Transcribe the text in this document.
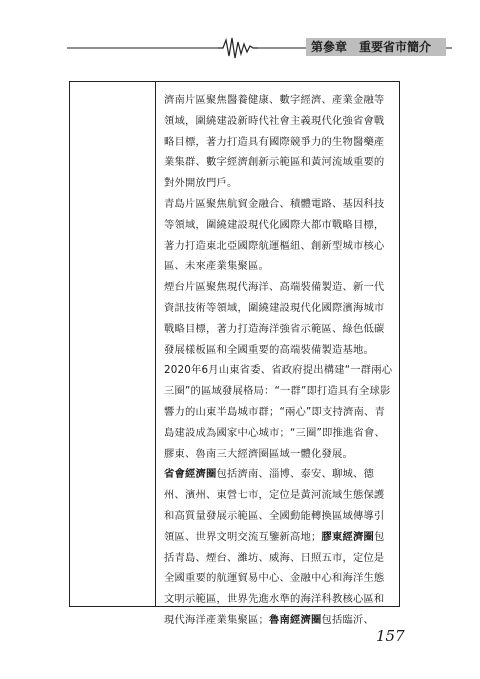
第參章　重要省市簡介

濟南片區聚焦醫養健康、數字經濟、產業金融等領域，圍繞建設新時代社會主義現代化強省會戰略目標，著力打造具有國際競爭力的生物醫藥產業集群、數字經濟創新示範區和黃河流域重要的對外開放門戶。

青島片區聚焦航貿金融合、積體電路、基因科技等領域，圍繞建設現代化國際大都市戰略目標，著力打造東北亞國際航運樞紐、創新型城市核心區、未來產業集聚區。

煙台片區聚焦現代海洋、高端裝備製造、新一代資訊技術等領域，圍繞建設現代化國際濱海城市戰略目標，著力打造海洋強省示範區、綠色低碳發展樣板區和全國重要的高端裝備製造基地。

2020年6月山東省委、省政府提出構建“一群兩心三圈”的區域發展格局：“一群”即打造具有全球影響力的山東半島城市群；“兩心”即支持濟南、青島建設成為國家中心城市；“三圈”即推進省會、膠東、魯南三大經濟圈區域一體化發展。

省會經濟圈包括濟南、淄博、泰安、聊城、德州、濱州、東營七市，定位是黃河流域生態保護和高質量發展示範區、全國動能轉換區域傳導引領區、世界文明交流互鑒新高地；膠東經濟圈包括青島、煙台、濰坊、威海、日照五市，定位是全國重要的航運貿易中心、金融中心和海洋生態文明示範區，世界先進水準的海洋科教核心區和現代海洋產業集聚區；魯南經濟圈包括臨沂、

157
